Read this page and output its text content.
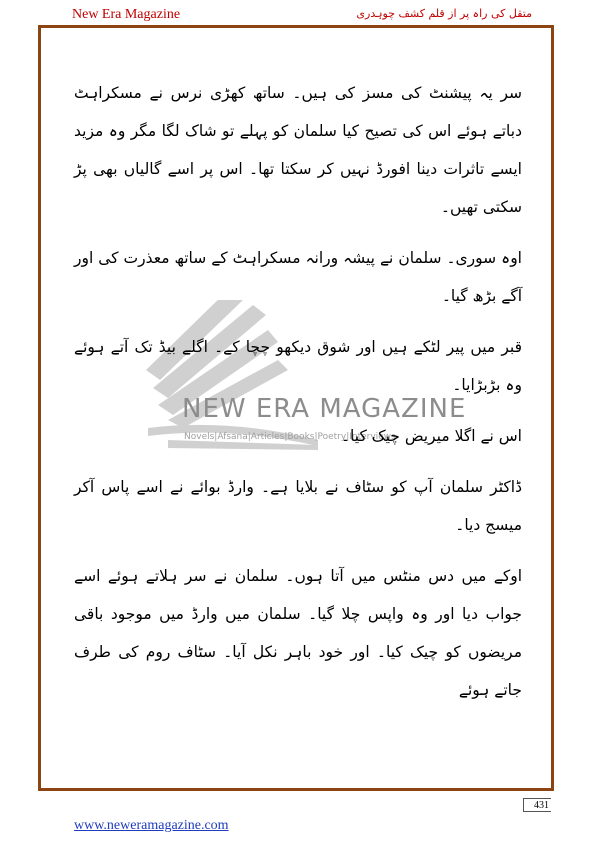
New Era Magazine	متقل کی راہ پر از قلم کشف چوہدری
NEW ERA MAGAZINE
Novels|Afsana|Articles|Books|Poetry|Interviews

سر یہ پیشنٹ کی مسز کی ہیں۔ ساتھ کھڑی نرس نے مسکراہٹ دباتے ہوئے اس کی تصیح کیا سلمان کو پہلے تو شاک لگا مگر وہ مزید ایسے تاثرات دینا افورڈ نہیں کر سکتا تھا۔ اس پر اسے گالیاں بھی پڑ سکتی تھیں۔

اوہ سوری۔ سلمان نے پیشہ ورانہ مسکراہٹ کے ساتھ معذرت کی اور آگے بڑھ گیا۔

قبر میں پیر لٹکے ہیں اور شوق دیکھو چچا کے۔ اگلے بیڈ تک آتے ہوئے وہ بڑبڑایا۔

اس نے اگلا میریض چیک کیا۔

ڈاکٹر سلمان آپ کو سٹاف نے بلایا ہے۔ وارڈ بوائے نے اسے پاس آکر میسج دیا۔

اوکے میں دس منٹس میں آتا ہوں۔ سلمان نے سر ہلاتے ہوئے اسے جواب دیا اور وہ واپس چلا گیا۔ سلمان میں وارڈ میں موجود باقی مریضوں کو چیک کیا۔ اور خود باہر نکل آیا۔ سٹاف روم کی طرف جاتے ہوئے

431
www.neweramagazine.com
